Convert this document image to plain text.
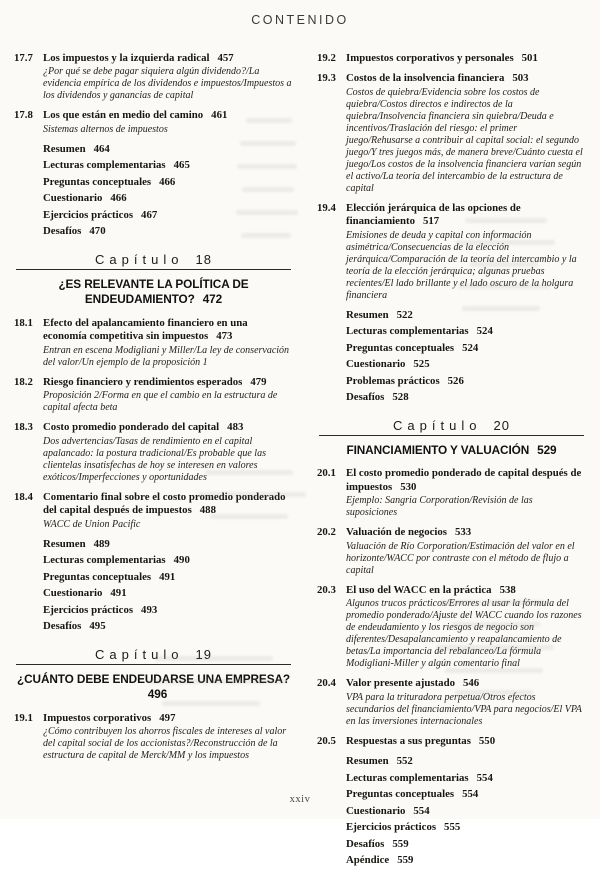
CONTENIDO
17.7 Los impuestos y la izquierda radical 457
¿Por qué se debe pagar siquiera algún dividendo?/La evidencia empírica de los dividendos e impuestos/Impuestos a los dividendos y ganancias de capital
17.8 Los que están en medio del camino 461
Sistemas alternos de impuestos
Resumen 464
Lecturas complementarias 465
Preguntas conceptuales 466
Cuestionario 466
Ejercicios prácticos 467
Desafíos 470
Capítulo 18
¿ES RELEVANTE LA POLÍTICA DE ENDEUDAMIENTO? 472
18.1 Efecto del apalancamiento financiero en una economía competitiva sin impuestos 473
Entran en escena Modigliani y Miller/La ley de conservación del valor/Un ejemplo de la proposición 1
18.2 Riesgo financiero y rendimientos esperados 479
Proposición 2/Forma en que el cambio en la estructura de capital afecta beta
18.3 Costo promedio ponderado del capital 483
Dos advertencias/Tasas de rendimiento en el capital apalancado: la postura tradicional/Es probable que las clientelas insatisfechas de hoy se interesen en valores exóticos/Imperfecciones y oportunidades
18.4 Comentario final sobre el costo promedio ponderado del capital después de impuestos 488
WACC de Union Pacific
Resumen 489
Lecturas complementarias 490
Preguntas conceptuales 491
Cuestionario 491
Ejercicios prácticos 493
Desafíos 495
Capítulo 19
¿CUÁNTO DEBE ENDEUDARSE UNA EMPRESA?496
19.1 Impuestos corporativos 497
¿Cómo contribuyen los ahorros fiscales de intereses al valor del capital social de los accionistas?/Reconstrucción de la estructura de capital de Merck/MM y los impuestos
19.2 Impuestos corporativos y personales 501
19.3 Costos de la insolvencia financiera 503
Costos de quiebra/Evidencia sobre los costos de quiebra/Costos directos e indirectos de la quiebra/Insolvencia financiera sin quiebra/Deuda e incentivos/Traslación del riesgo: el primer juego/Rehusarse a contribuir al capital social: el segundo juego/Y tres juegos más, de manera breve/Cuánto cuesta el juego/Los costos de la insolvencia financiera varían según el activo/La teoría del intercambio de la estructura de capital
19.4 Elección jerárquica de las opciones de financiamiento 517
Emisiones de deuda y capital con información asimétrica/Consecuencias de la elección jerárquica/Comparación de la teoría del intercambio y la teoría de la elección jerárquica; algunas pruebas recientes/El lado brillante y el lado oscuro de la holgura financiera
Resumen 522
Lecturas complementarias 524
Preguntas conceptuales 524
Cuestionario 525
Problemas prácticos 526
Desafíos 528
Capítulo 20
FINANCIAMIENTO Y VALUACIÓN 529
20.1 El costo promedio ponderado de capital después de impuestos 530
Ejemplo: Sangria Corporation/Revisión de las suposiciones
20.2 Valuación de negocios 533
Valuación de Río Corporation/Estimación del valor en el horizonte/WACC por contraste con el método de flujo a capital
20.3 El uso del WACC en la práctica 538
Algunos trucos prácticos/Errores al usar la fórmula del promedio ponderado/Ajuste del WACC cuando los razones de endeudamiento y los riesgos de negocio son diferentes/Desapalancamiento y reapalancamiento de betas/La importancia del rebalanceo/La fórmula Modigliani-Miller y algún comentario final
20.4 Valor presente ajustado 546
VPA para la trituradora perpetua/Otros efectos secundarios del financiamiento/VPA para negocios/El VPA en las inversiones internacionales
20.5 Respuestas a sus preguntas 550
Resumen 552
Lecturas complementarias 554
Preguntas conceptuales 554
Cuestionario 554
Ejercicios prácticos 555
Desafíos 559
Apéndice 559
xxiv
